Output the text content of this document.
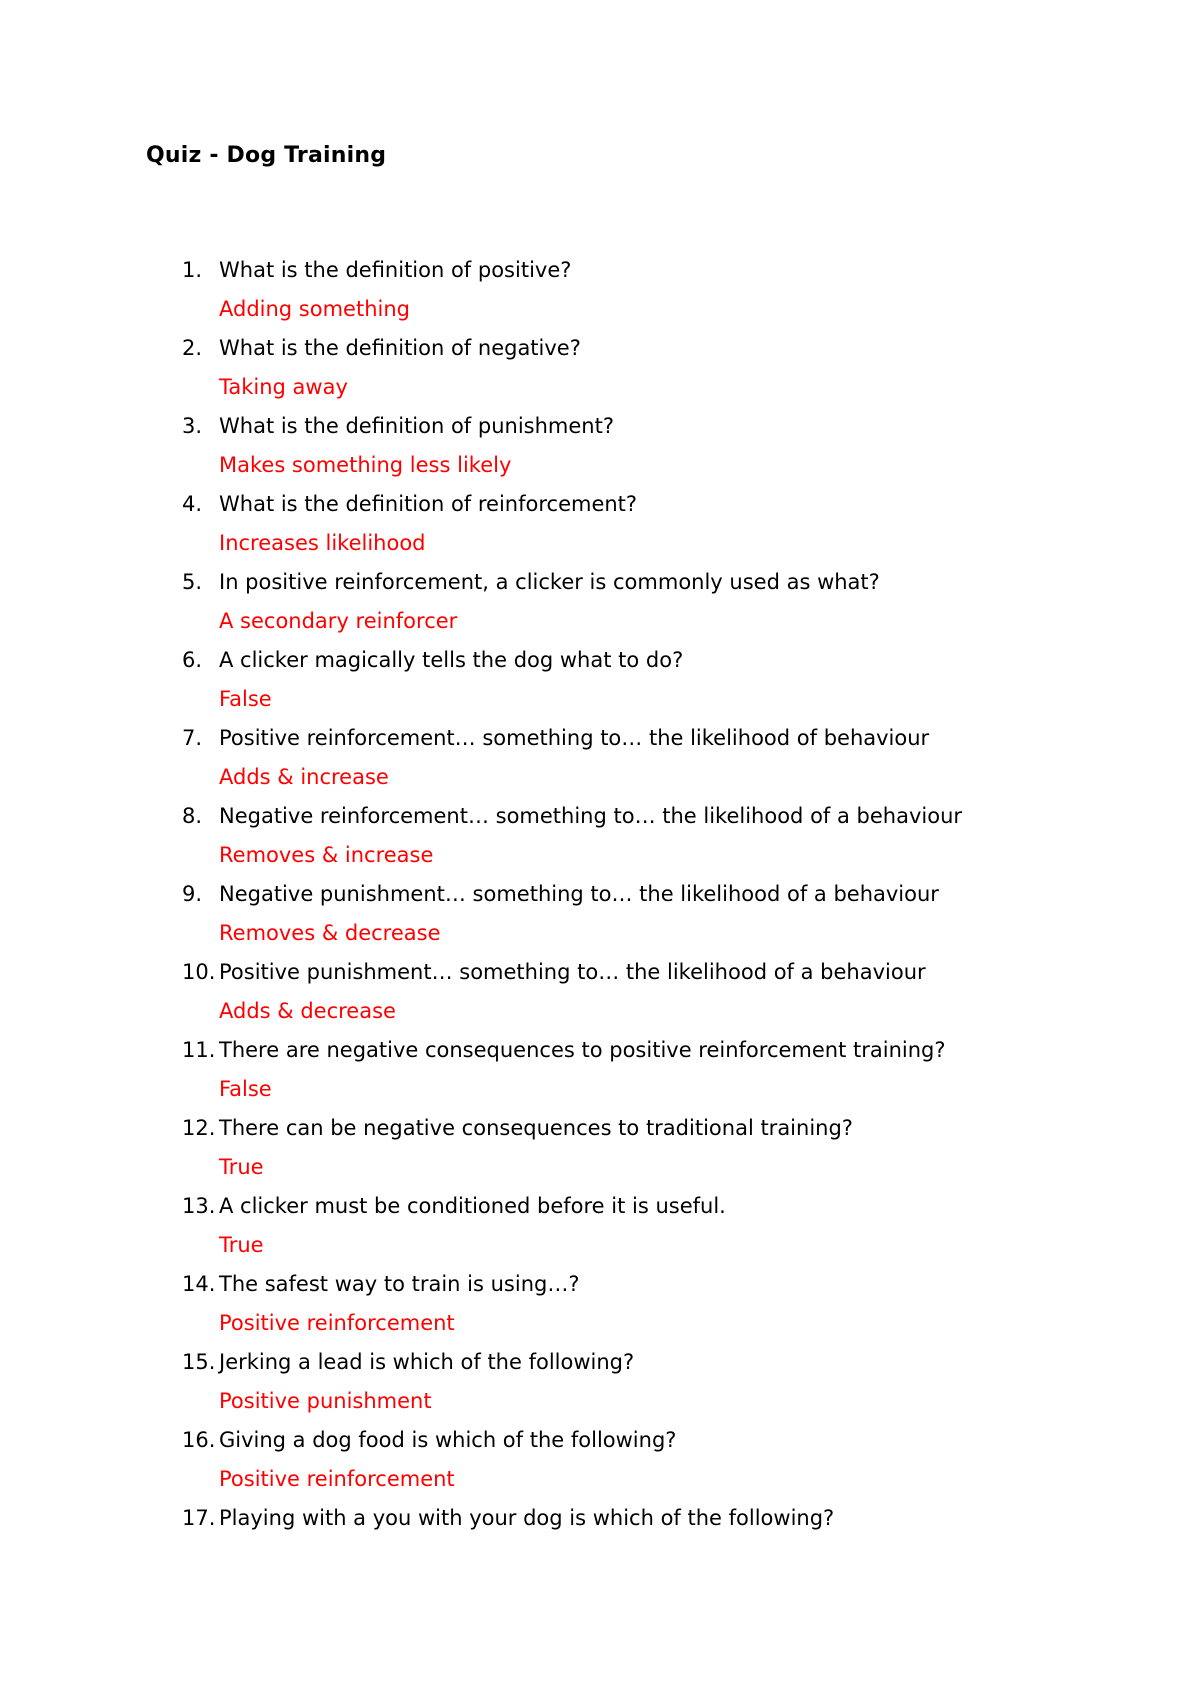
Quiz - Dog Training
1. What is the definition of positive?
Adding something
2. What is the definition of negative?
Taking away
3. What is the definition of punishment?
Makes something less likely
4. What is the definition of reinforcement?
Increases likelihood
5. In positive reinforcement, a clicker is commonly used as what?
A secondary reinforcer
6. A clicker magically tells the dog what to do?
False
7. Positive reinforcement… something to… the likelihood of behaviour
Adds & increase
8. Negative reinforcement… something to… the likelihood of a behaviour
Removes & increase
9. Negative punishment… something to… the likelihood of a behaviour
Removes & decrease
10. Positive punishment… something to… the likelihood of a behaviour
Adds & decrease
11. There are negative consequences to positive reinforcement training?
False
12. There can be negative consequences to traditional training?
True
13. A clicker must be conditioned before it is useful.
True
14. The safest way to train is using…?
Positive reinforcement
15. Jerking a lead is which of the following?
Positive punishment
16. Giving a dog food is which of the following?
Positive reinforcement
17. Playing with a you with your dog is which of the following?
